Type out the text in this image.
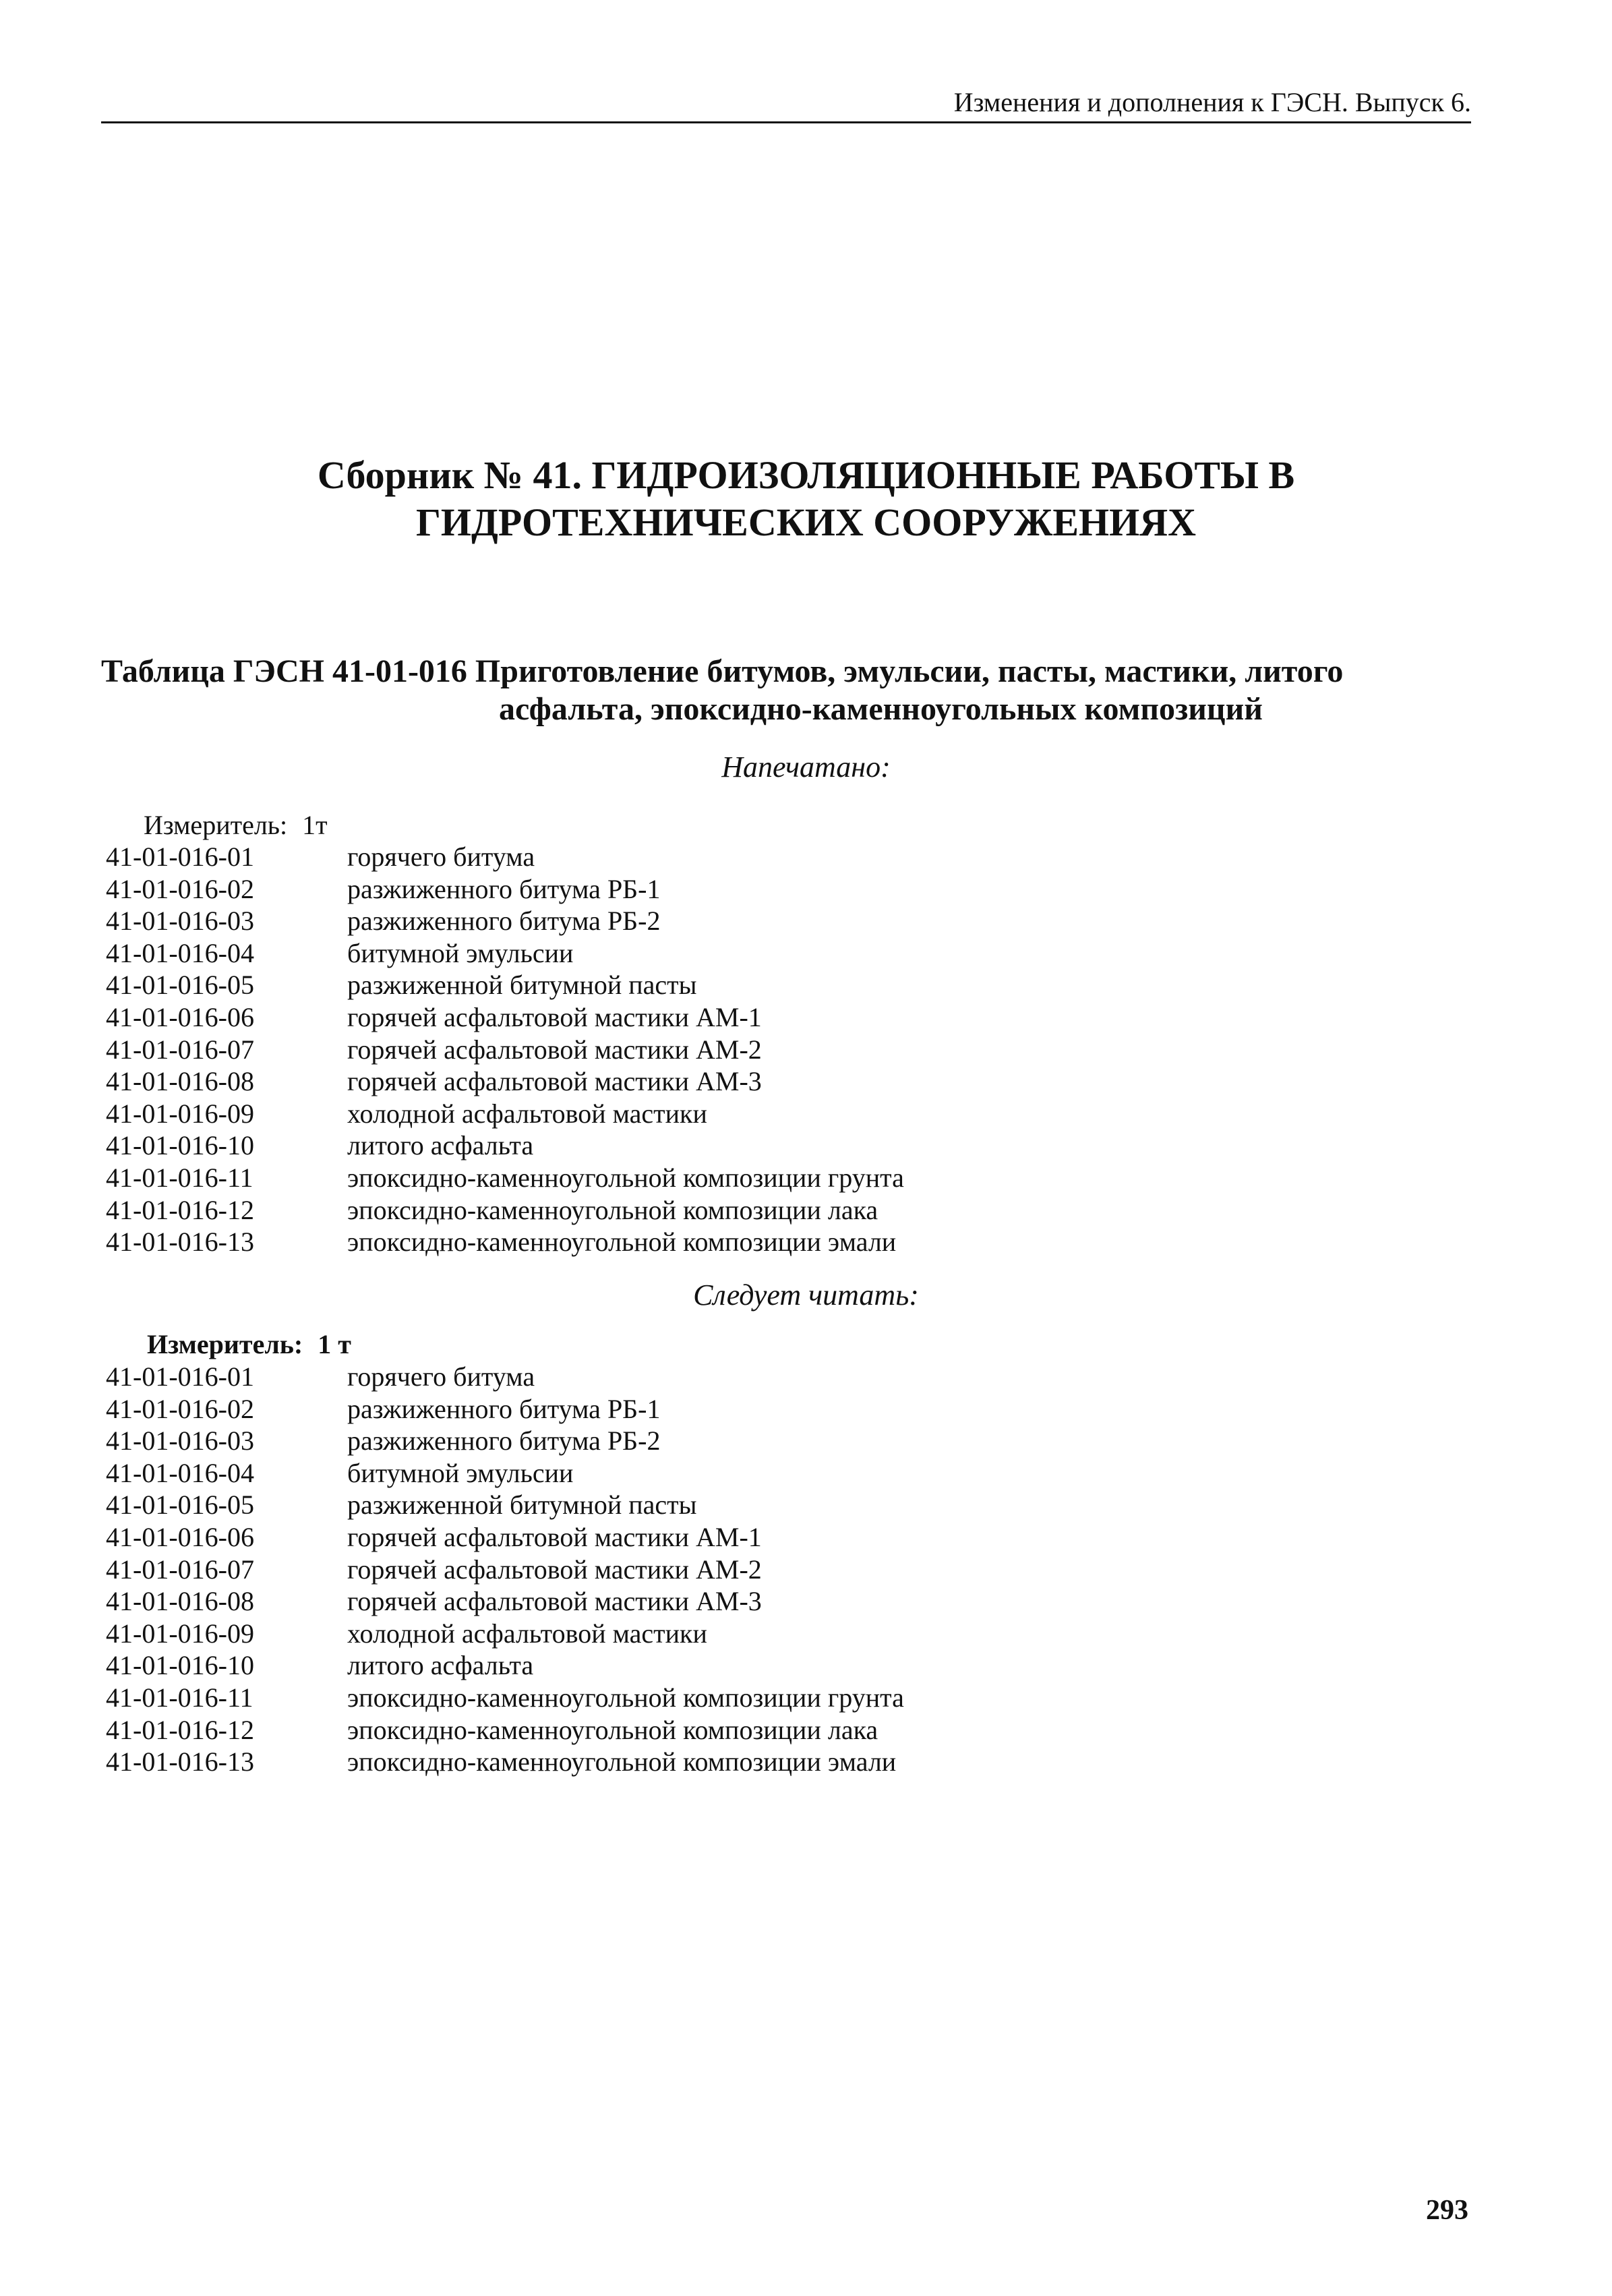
Изменения и дополнения к ГЭСН. Выпуск 6.
Сборник № 41. ГИДРОИЗОЛЯЦИОННЫЕ РАБОТЫ В
ГИДРОТЕХНИЧЕСКИХ СООРУЖЕНИЯХ
Таблица ГЭСН 41-01-016 Приготовление битумов, эмульсии, пасты, мастики, литого
асфальта, эпоксидно-каменноугольных композиций
Напечатано:
Измеритель: 1т
41-01-016-01	горячего битума
41-01-016-02	разжиженного битума РБ-1
41-01-016-03	разжиженного битума РБ-2
41-01-016-04	битумной эмульсии
41-01-016-05	разжиженной битумной пасты
41-01-016-06	горячей асфальтовой мастики АМ-1
41-01-016-07	горячей асфальтовой мастики АМ-2
41-01-016-08	горячей асфальтовой мастики АМ-3
41-01-016-09	холодной асфальтовой мастики
41-01-016-10	литого асфальта
41-01-016-11	эпоксидно-каменноугольной композиции грунта
41-01-016-12	эпоксидно-каменноугольной композиции лака
41-01-016-13	эпоксидно-каменноугольной композиции эмали
Следует читать:
Измеритель: 1 т
41-01-016-01	горячего битума
41-01-016-02	разжиженного битума РБ-1
41-01-016-03	разжиженного битума РБ-2
41-01-016-04	битумной эмульсии
41-01-016-05	разжиженной битумной пасты
41-01-016-06	горячей асфальтовой мастики АМ-1
41-01-016-07	горячей асфальтовой мастики АМ-2
41-01-016-08	горячей асфальтовой мастики АМ-3
41-01-016-09	холодной асфальтовой мастики
41-01-016-10	литого асфальта
41-01-016-11	эпоксидно-каменноугольной композиции грунта
41-01-016-12	эпоксидно-каменноугольной композиции лака
41-01-016-13	эпоксидно-каменноугольной композиции эмали
293
